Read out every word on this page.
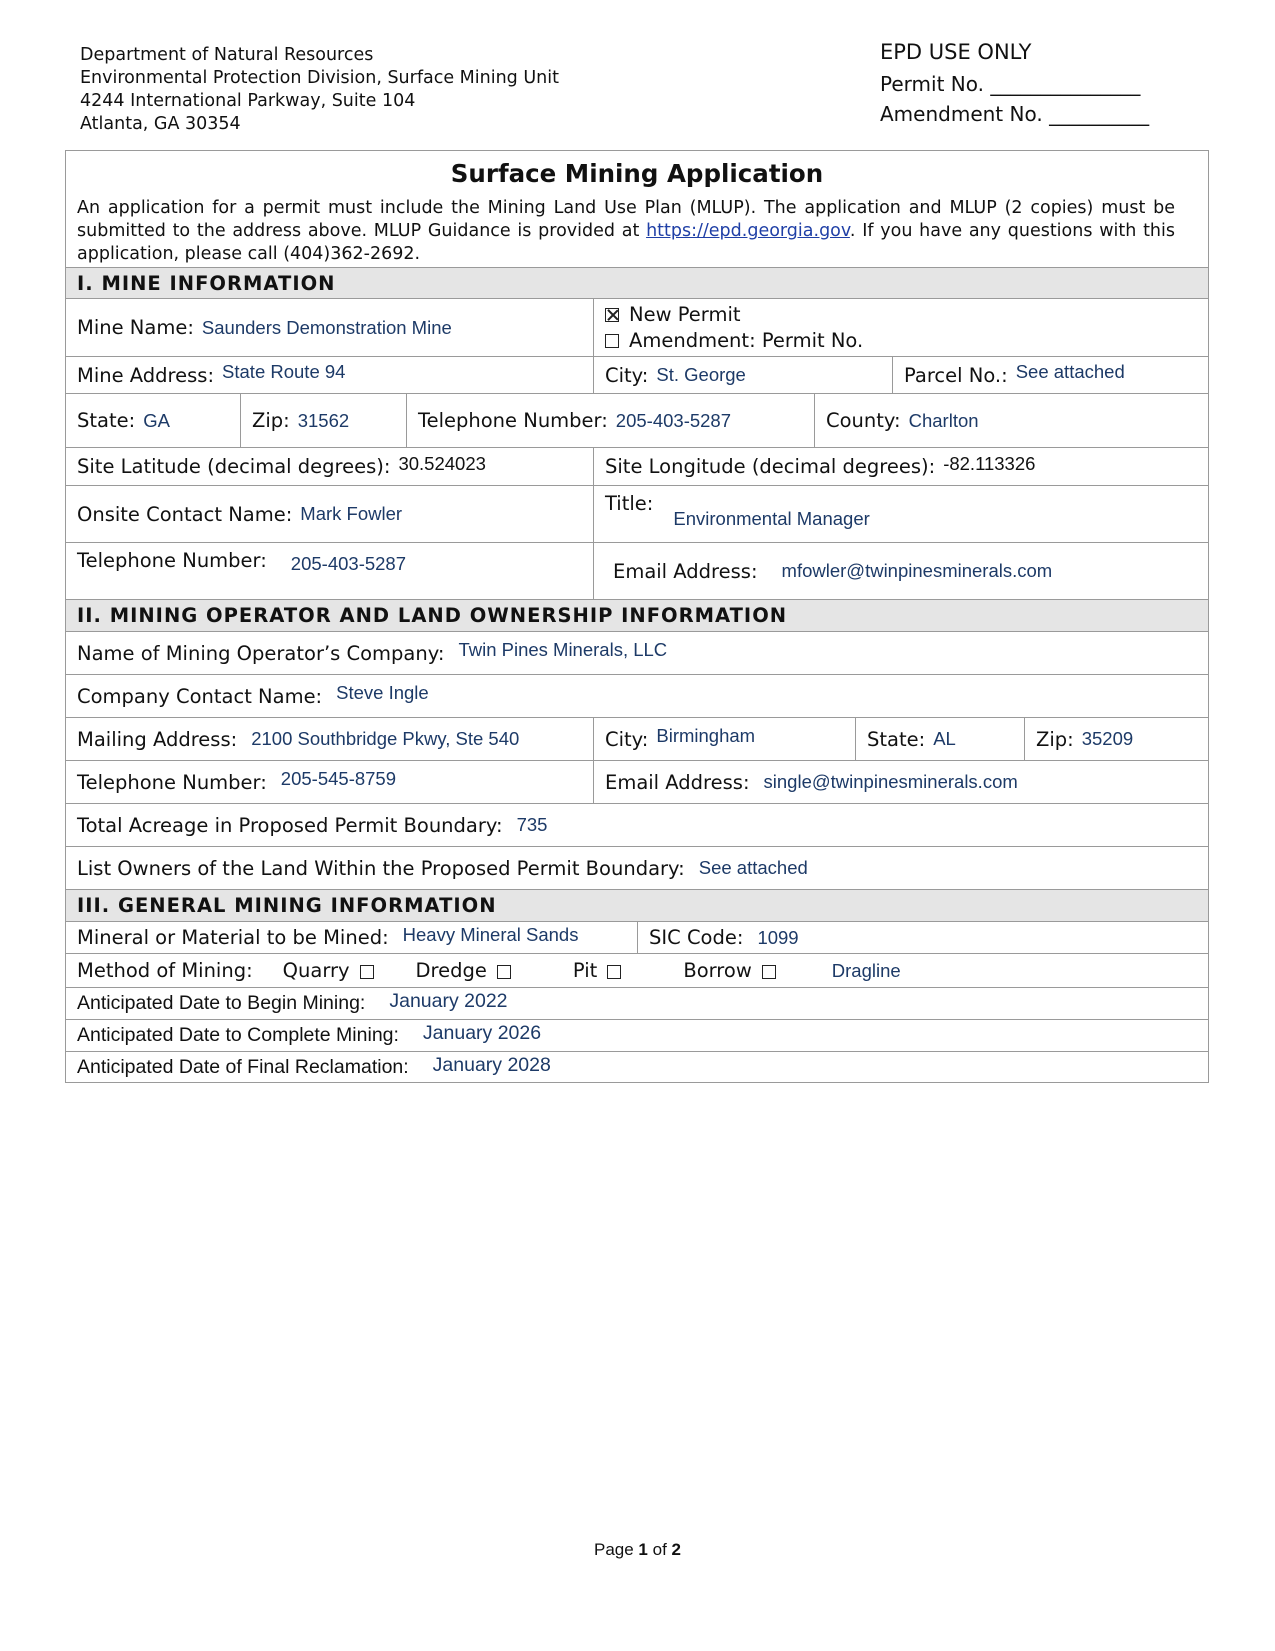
Department of Natural Resources
Environmental Protection Division, Surface Mining Unit
4244 International Parkway, Suite 104
Atlanta, GA 30354
EPD USE ONLY
Permit No. _______________
Amendment No. __________
Surface Mining Application
An application for a permit must include the Mining Land Use Plan (MLUP). The application and MLUP (2 copies) must be submitted to the address above. MLUP Guidance is provided at https://epd.georgia.gov. If you have any questions with this application, please call (404)362-2692.
I. MINE INFORMATION
Mine Name: Saunders Demonstration Mine
New Permit
Amendment: Permit No.
Mine Address: State Route 94	City: St. George	Parcel No.: See attached
State: GA	Zip: 31562	Telephone Number: 205-403-5287	County: Charlton
Site Latitude (decimal degrees): 30.524023	Site Longitude (decimal degrees): -82.113326
Onsite Contact Name: Mark Fowler	Title:
Environmental Manager
Telephone Number: 205-403-5287	Email Address: mfowler@twinpinesminerals.com
II. MINING OPERATOR AND LAND OWNERSHIP INFORMATION
Name of Mining Operator’s Company: Twin Pines Minerals, LLC
Company Contact Name: Steve Ingle
Mailing Address: 2100 Southbridge Pkwy, Ste 540	City: Birmingham	State: AL	Zip: 35209
Telephone Number: 205-545-8759	Email Address: single@twinpinesminerals.com
Total Acreage in Proposed Permit Boundary: 735
List Owners of the Land Within the Proposed Permit Boundary: See attached
III. GENERAL MINING INFORMATION
Mineral or Material to be Mined: Heavy Mineral Sands	SIC Code: 1099
Method of Mining: Quarry	Dredge	Pit	Borrow	Dragline
Anticipated Date to Begin Mining: January 2022
Anticipated Date to Complete Mining: January 2026
Anticipated Date of Final Reclamation: January 2028
Page 1 of 2
